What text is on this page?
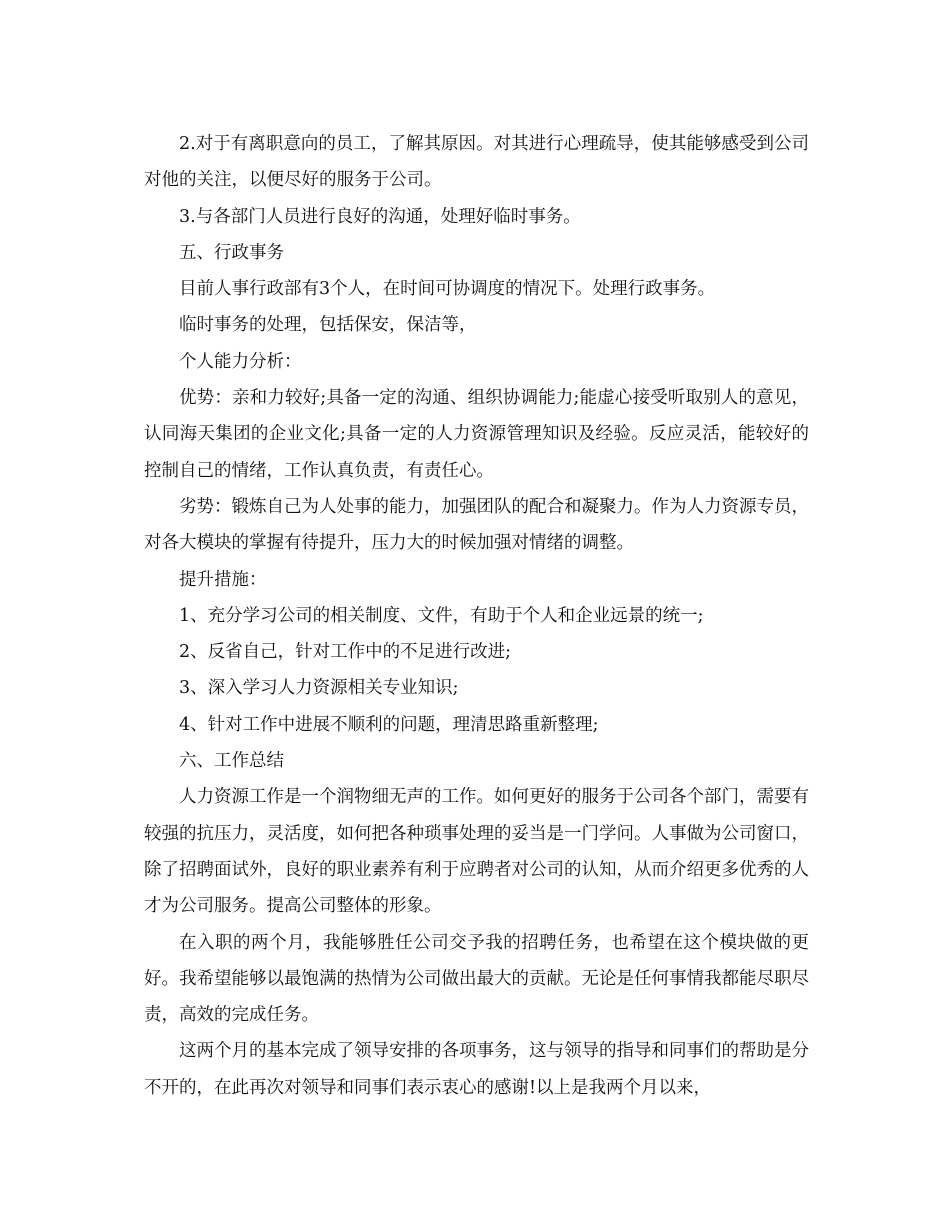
2.对于有离职意向的员工，了解其原因。对其进行心理疏导，使其能够感受到公司对他的关注，以便尽好的服务于公司。

3.与各部门人员进行良好的沟通，处理好临时事务。

五、行政事务

目前人事行政部有3个人，在时间可协调度的情况下。处理行政事务。

临时事务的处理，包括保安，保洁等，

个人能力分析：

优势：亲和力较好;具备一定的沟通、组织协调能力;能虚心接受听取别人的意见，认同海天集团的企业文化;具备一定的人力资源管理知识及经验。反应灵活，能较好的控制自己的情绪，工作认真负责，有责任心。

劣势：锻炼自己为人处事的能力，加强团队的配合和凝聚力。作为人力资源专员，对各大模块的掌握有待提升，压力大的时候加强对情绪的调整。

提升措施：

1、充分学习公司的相关制度、文件，有助于个人和企业远景的统一;

2、反省自己，针对工作中的不足进行改进;

3、深入学习人力资源相关专业知识;

4、针对工作中进展不顺利的问题，理清思路重新整理;

六、工作总结

人力资源工作是一个润物细无声的工作。如何更好的服务于公司各个部门，需要有较强的抗压力，灵活度，如何把各种琐事处理的妥当是一门学问。人事做为公司窗口，除了招聘面试外，良好的职业素养有利于应聘者对公司的认知，从而介绍更多优秀的人才为公司服务。提高公司整体的形象。

在入职的两个月，我能够胜任公司交予我的招聘任务，也希望在这个模块做的更好。我希望能够以最饱满的热情为公司做出最大的贡献。无论是任何事情我都能尽职尽责，高效的完成任务。

这两个月的基本完成了领导安排的各项事务，这与领导的指导和同事们的帮助是分不开的，在此再次对领导和同事们表示衷心的感谢!以上是我两个月以来，
